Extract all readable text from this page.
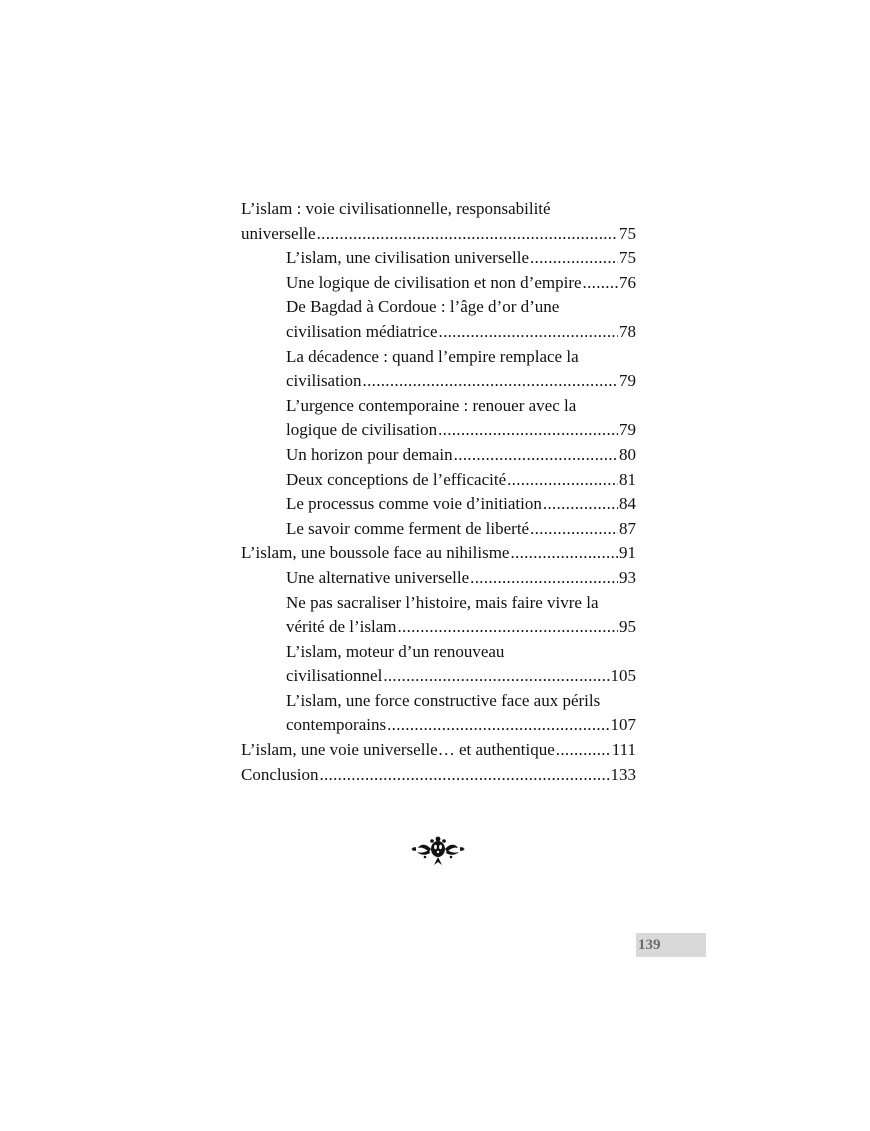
L’islam : voie civilisationnelle, responsabilité
universelle .....	75
L’islam, une civilisation universelle .....	75
Une logique de civilisation et non d’empire ..... 76
De Bagdad à Cordoue : l’âge d’or d’une
civilisation médiatrice .....	78
La décadence : quand l’empire remplace la
civilisation .....	79
L’urgence contemporaine : renouer avec la
logique de civilisation .....	79
Un horizon pour demain .....	80
Deux conceptions de l’efficacité .....	81
Le processus comme voie d’initiation .....	84
Le savoir comme ferment de liberté .....	87
L’islam, une boussole face au nihilisme .....	91
Une alternative universelle .....	93
Ne pas sacraliser l’histoire, mais faire vivre la
vérité de l’islam .....	95
L’islam, moteur d’un renouveau
civilisationnel .....	105
L’islam, une force constructive face aux périls
contemporains .....	107
L’islam, une voie universelle… et authentique .....	111
Conclusion .....	133
139
